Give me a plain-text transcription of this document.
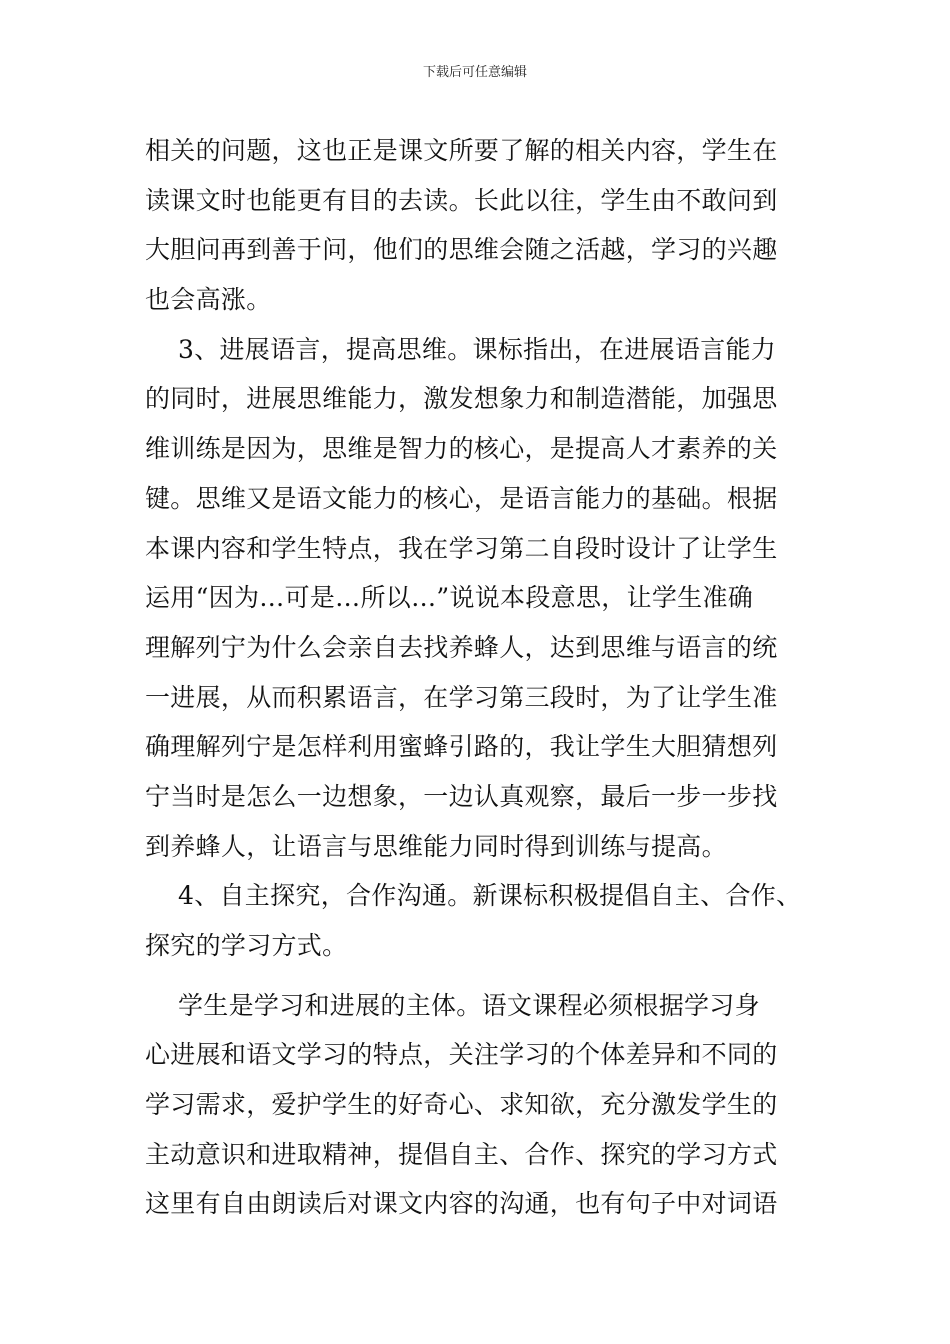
下载后可任意编辑
相关的问题，这也正是课文所要了解的相关内容，学生在
读课文时也能更有目的去读。长此以往，学生由不敢问到
大胆问再到善于问，他们的思维会随之活越，学习的兴趣
也会高涨。
3、进展语言，提高思维。课标指出，在进展语言能力
的同时，进展思维能力，激发想象力和制造潜能，加强思
维训练是因为，思维是智力的核心，是提高人才素养的关
键。思维又是语文能力的核心，是语言能力的基础。根据
本课内容和学生特点，我在学习第二自段时设计了让学生
运用“因为…可是…所以…”说说本段意思，让学生准确
理解列宁为什么会亲自去找养蜂人，达到思维与语言的统
一进展，从而积累语言，在学习第三段时，为了让学生准
确理解列宁是怎样利用蜜蜂引路的，我让学生大胆猜想列
宁当时是怎么一边想象，一边认真观察，最后一步一步找
到养蜂人，让语言与思维能力同时得到训练与提高。
4、自主探究，合作沟通。新课标积极提倡自主、合作、
探究的学习方式。
学生是学习和进展的主体。语文课程必须根据学习身
心进展和语文学习的特点，关注学习的个体差异和不同的
学习需求，爱护学生的好奇心、求知欲，充分激发学生的
主动意识和进取精神，提倡自主、合作、探究的学习方式
这里有自由朗读后对课文内容的沟通，也有句子中对词语
